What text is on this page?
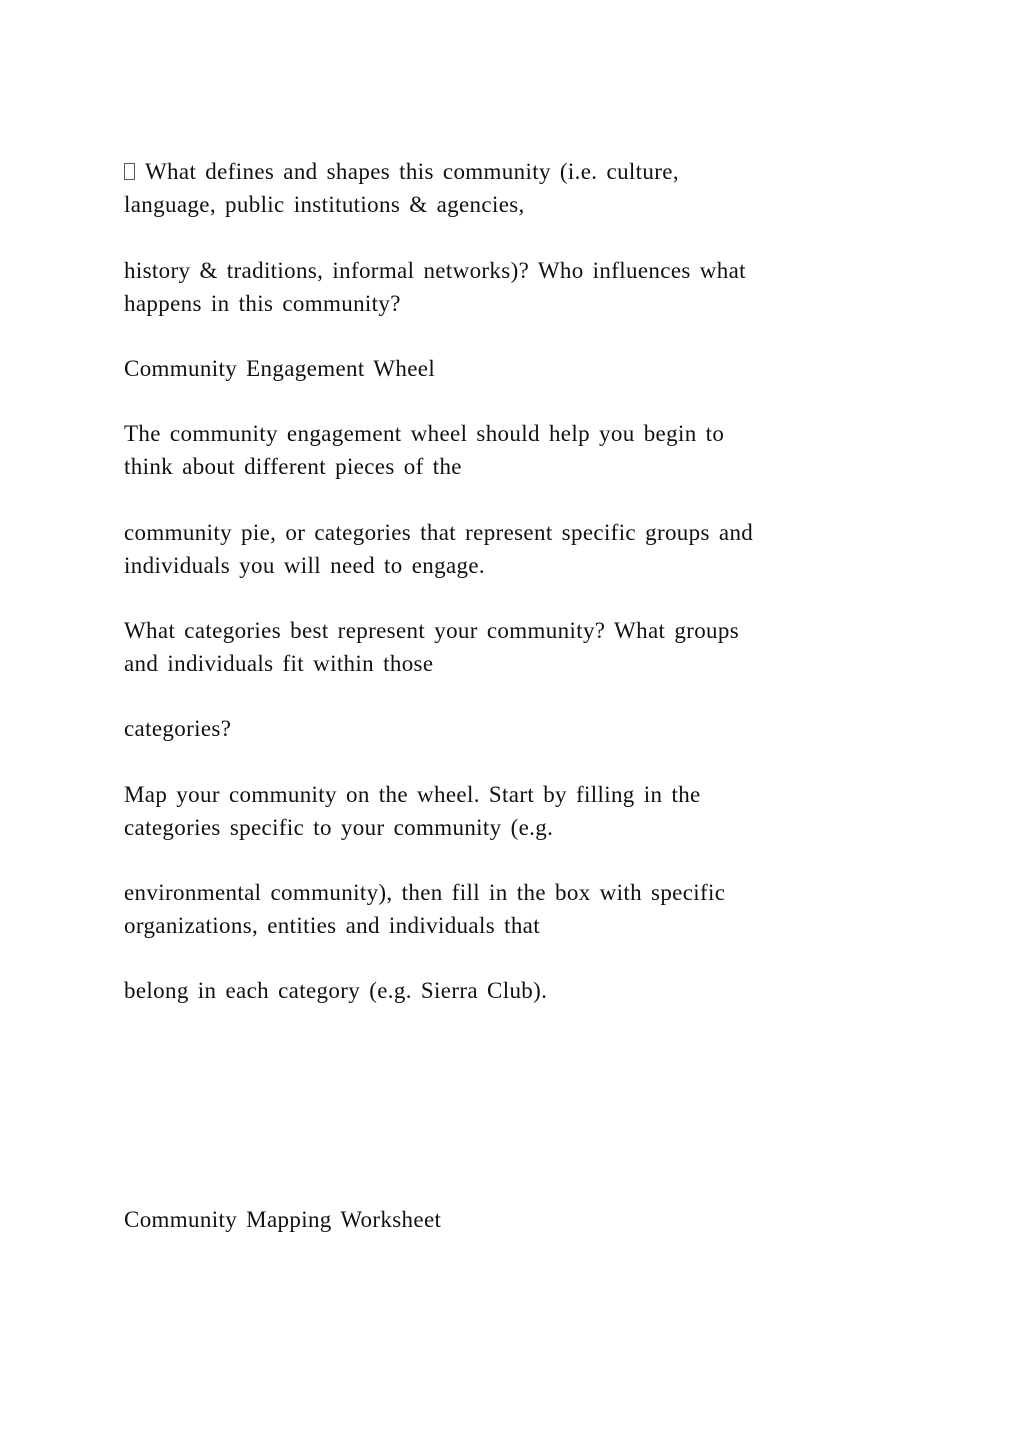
What defines and shapes this community (i.e. culture,
language, public institutions & agencies,

history & traditions, informal networks)? Who influences what
happens in this community?

Community Engagement Wheel

The community engagement wheel should help you begin to
think about different pieces of the

community pie, or categories that represent specific groups and
individuals you will need to engage.

What categories best represent your community? What groups
and individuals fit within those

categories?

Map your community on the wheel. Start by filling in the
categories specific to your community (e.g.

environmental community), then fill in the box with specific
organizations, entities and individuals that

belong in each category (e.g. Sierra Club).

Community Mapping Worksheet
